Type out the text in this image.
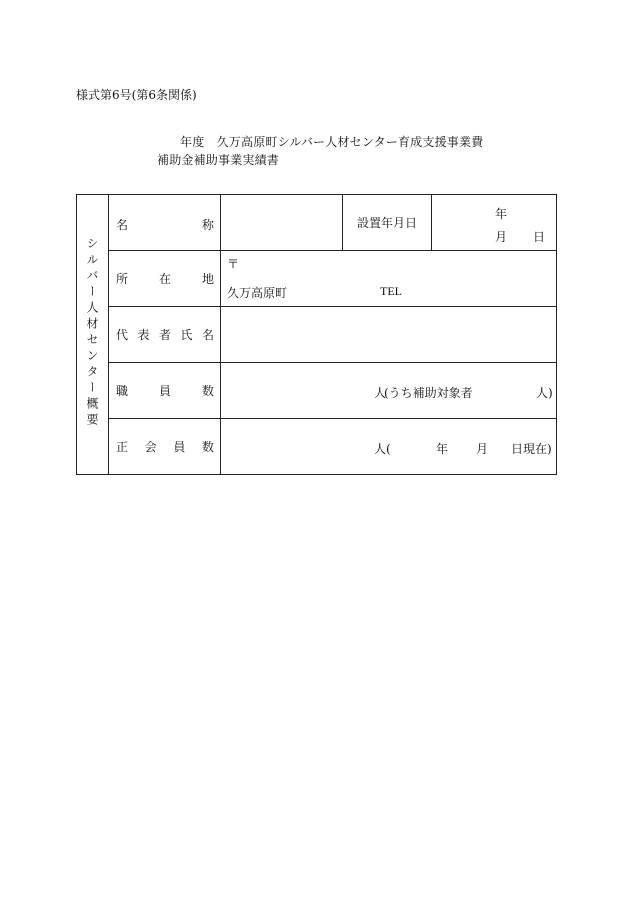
様式第6号(第6条関係)
年度　久万高原町シルバー人材センター育成支援事業費
補助金補助事業実績書
シルバー人材センター概要	名 称		設置年月日	年
月 日

	所 在 地	〒
久万高原町 TEL		

	代 表 者 氏 名			

	職 員 数	人
(うち補助対象者 人)		

	正 会 員 数	人( 年 月 日現在)		
